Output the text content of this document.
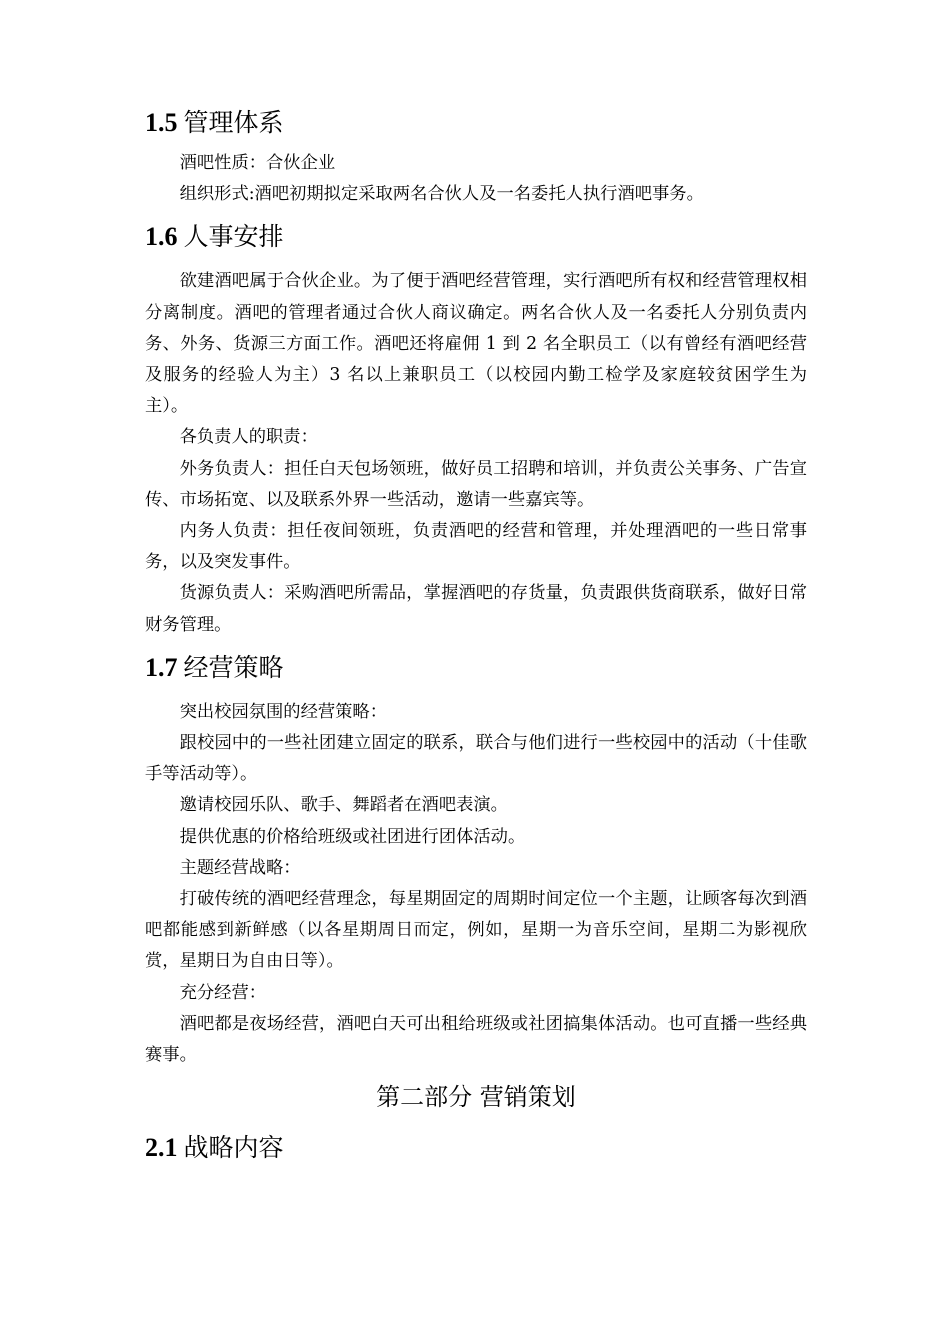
1.5 管理体系

酒吧性质：合伙企业

组织形式:酒吧初期拟定采取两名合伙人及一名委托人执行酒吧事务。

1.6 人事安排

欲建酒吧属于合伙企业。为了便于酒吧经营管理，实行酒吧所有权和经营管理权相分离制度。酒吧的管理者通过合伙人商议确定。两名合伙人及一名委托人分别负责内务、外务、货源三方面工作。酒吧还将雇佣 1 到 2 名全职员工（以有曾经有酒吧经营及服务的经验人为主）3 名以上兼职员工（以校园内勤工检学及家庭较贫困学生为主）。

各负责人的职责：

外务负责人：担任白天包场领班，做好员工招聘和培训，并负责公关事务、广告宣传、市场拓宽、以及联系外界一些活动，邀请一些嘉宾等。

内务人负责：担任夜间领班，负责酒吧的经营和管理，并处理酒吧的一些日常事务，以及突发事件。

货源负责人：采购酒吧所需品，掌握酒吧的存货量，负责跟供货商联系，做好日常财务管理。

1.7 经营策略

突出校园氛围的经营策略：

跟校园中的一些社团建立固定的联系，联合与他们进行一些校园中的活动（十佳歌手等活动等）。

邀请校园乐队、歌手、舞蹈者在酒吧表演。

提供优惠的价格给班级或社团进行团体活动。

主题经营战略：

打破传统的酒吧经营理念，每星期固定的周期时间定位一个主题，让顾客每次到酒吧都能感到新鲜感（以各星期周日而定，例如，星期一为音乐空间，星期二为影视欣赏，星期日为自由日等）。

充分经营：

酒吧都是夜场经营，酒吧白天可出租给班级或社团搞集体活动。也可直播一些经典赛事。

第二部分 营销策划
2.1 战略内容
